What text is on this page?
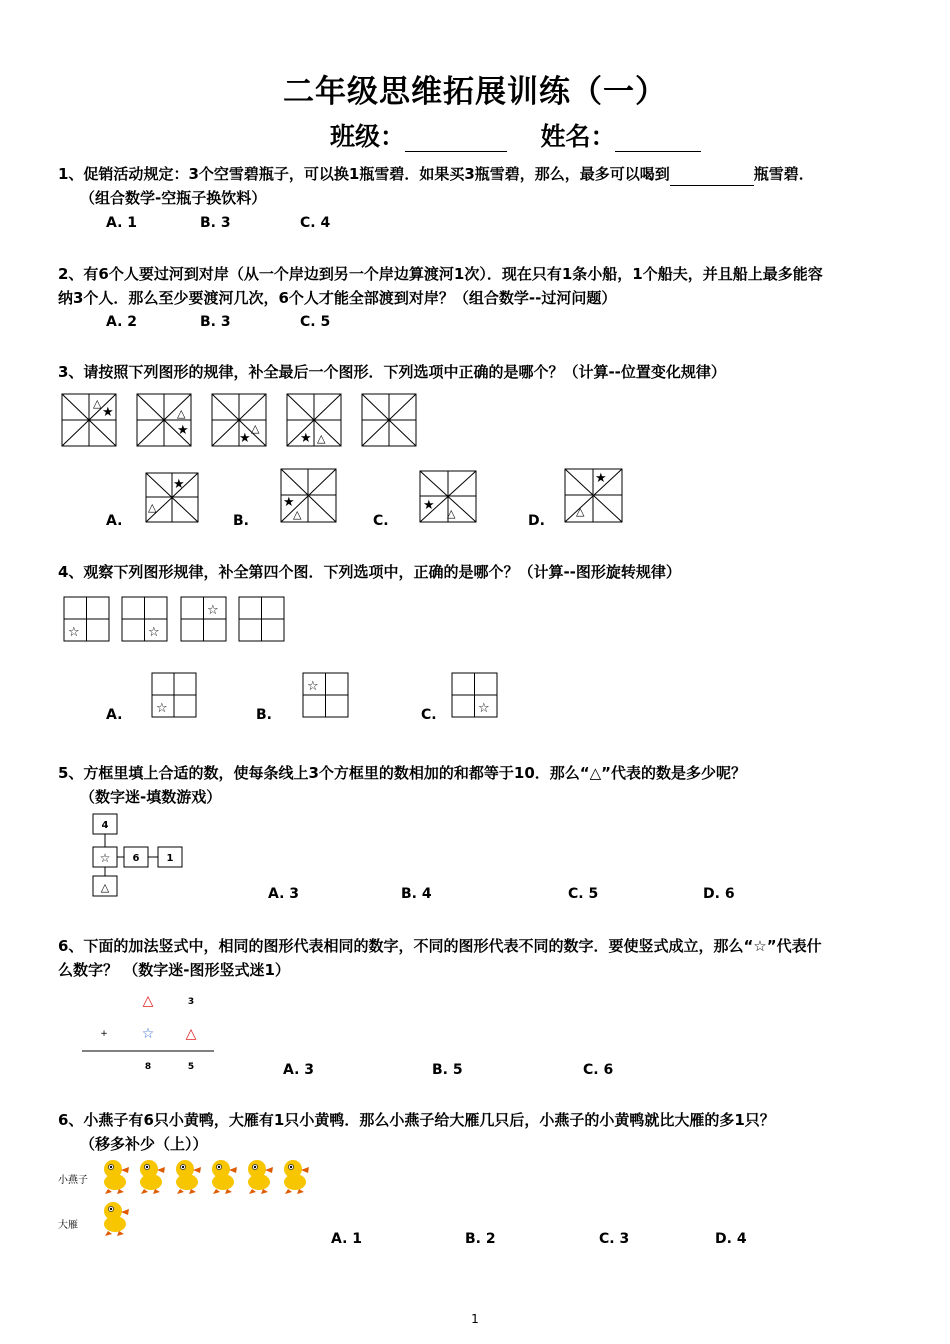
二年级思维拓展训练（一）
班级：	姓名：
1、促销活动规定：3个空雪碧瓶子，可以换1瓶雪碧．如果买3瓶雪碧，那么，最多可以喝到	瓶雪碧．
（组合数学-空瓶子换饮料）
A. 1	B. 3	C. 4
2、有6个人要过河到对岸（从一个岸边到另一个岸边算渡河1次）．现在只有1条小船，1个船夫，并且船上最多能容
纳3个人．那么至少要渡河几次，6个人才能全部渡到对岸？（组合数学--过河问题）
A. 2	B. 3	C. 5
3、请按照下列图形的规律，补全最后一个图形．下列选项中正确的是哪个？（计算--位置变化规律）
△
★	△
★	△
★	△
★
A.	B.	C.	D.
★
△	★
△
★
△
★
△
4、观察下列图形规律，补全第四个图．下列选项中，正确的是哪个？（计算--图形旋转规律）
☆	☆
☆
A.	B.	C.
☆
☆
☆
5、方框里填上合适的数，使每条线上3个方框里的数相加的和都等于10．那么“△”代表的数是多少呢？
（数字迷-填数游戏）
4
☆ 6	1
△	A. 3	B. 4	C. 5	D. 6
6、下面的加法竖式中，相同的图形代表相同的数字，不同的图形代表不同的数字．要使竖式成立，那么“☆”代表什
么数字？ （数字迷-图形竖式迷1）
△	3
+ ☆ △
8	5	A. 3	B. 5	C. 6
6、小燕子有6只小黄鸭，大雁有1只小黄鸭．那么小燕子给大雁几只后，小燕子的小黄鸭就比大雁的多1只？
（移多补少（上））
小燕子
大雁
A. 1	B. 2	C. 3	D. 4
1
